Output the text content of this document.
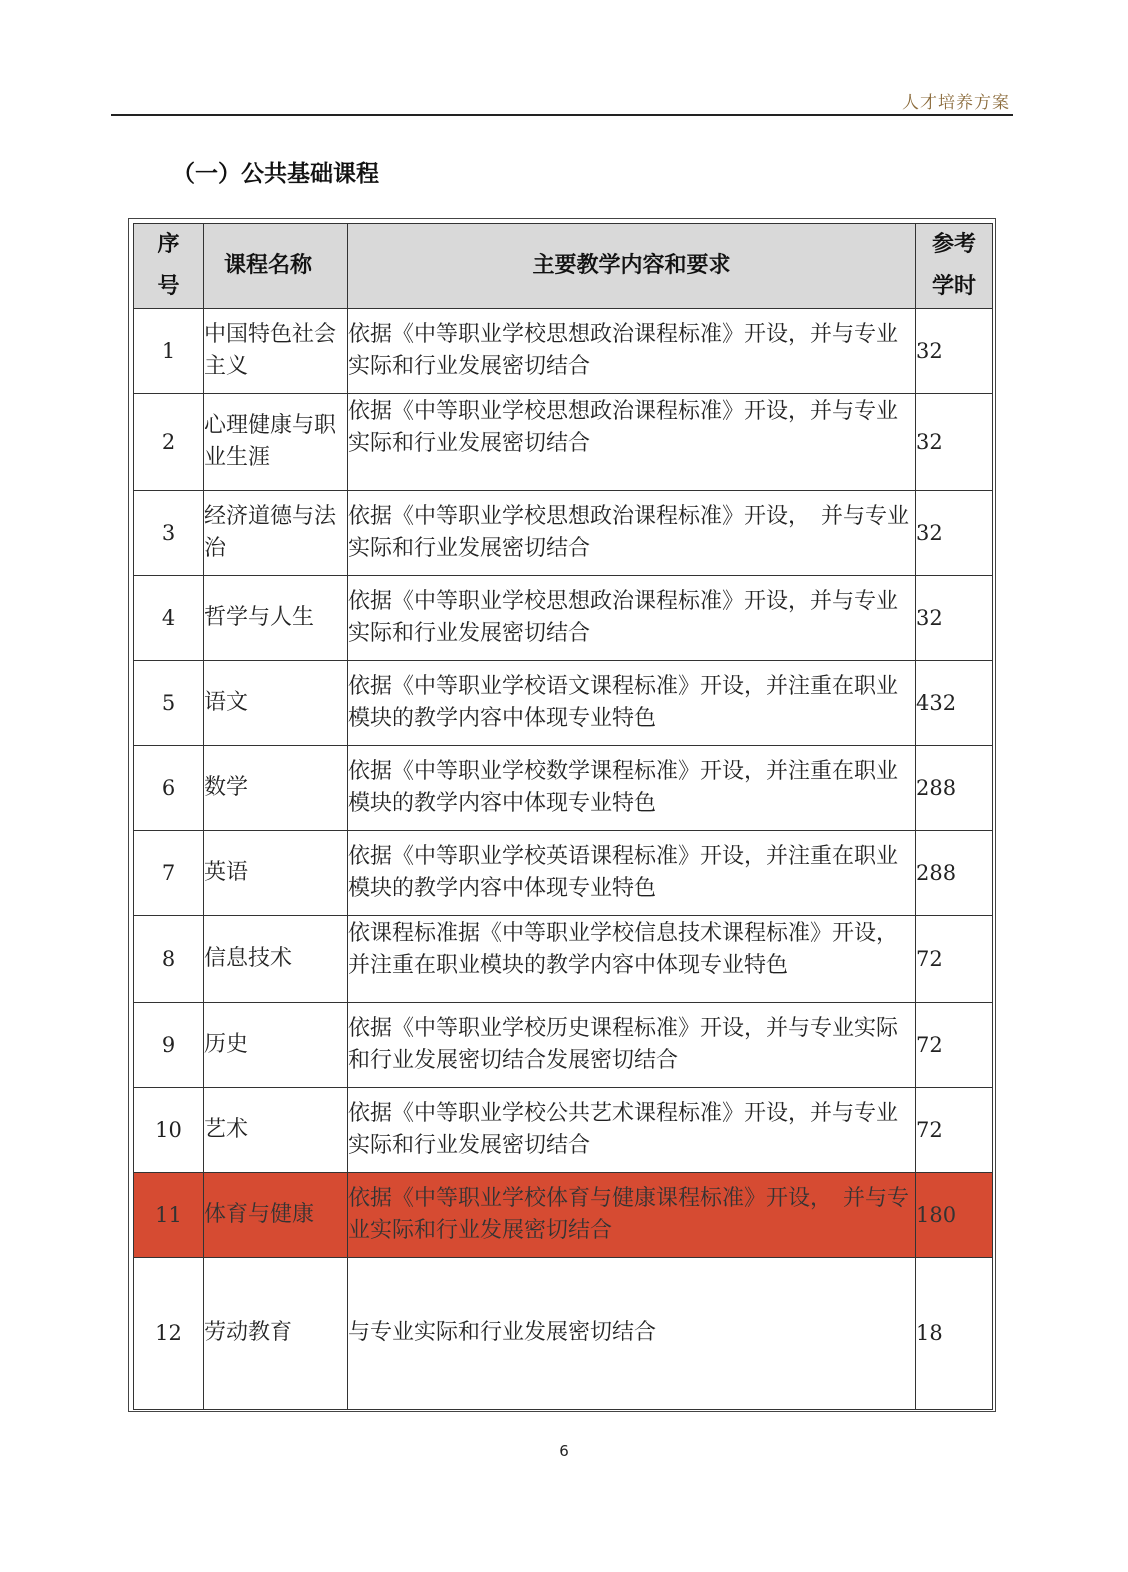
人才培养方案
（一）公共基础课程
序号	课程名称	主要教学内容和要求	参考学时

1	中国特色社会主义	依据《中等职业学校思想政治课程标准》开设，并与专业实际和行业发展密切结合	32
2	心理健康与职业生涯	依据《中等职业学校思想政治课程标准》开设，并与专业实际和行业发展密切结合	32
3	经济道德与法治	依据《中等职业学校思想政治课程标准》开设，　并与专业实际和行业发展密切结合	32
4	哲学与人生	依据《中等职业学校思想政治课程标准》开设，并与专业实际和行业发展密切结合	32
5	语文	依据《中等职业学校语文课程标准》开设，并注重在职业模块的教学内容中体现专业特色	432
6	数学	依据《中等职业学校数学课程标准》开设，并注重在职业模块的教学内容中体现专业特色	288
7	英语	依据《中等职业学校英语课程标准》开设，并注重在职业模块的教学内容中体现专业特色	288
8	信息技术	依课程标准据《中等职业学校信息技术课程标准》开设，　并注重在职业模块的教学内容中体现专业特色	72
9	历史	依据《中等职业学校历史课程标准》开设，并与专业实际和行业发展密切结合发展密切结合	72
10	艺术	依据《中等职业学校公共艺术课程标准》开设，并与专业实际和行业发展密切结合	72
11	体育与健康	依据《中等职业学校体育与健康课程标准》开设，　并与专业实际和行业发展密切结合	180
12	劳动教育	与专业实际和行业发展密切结合	18
6
